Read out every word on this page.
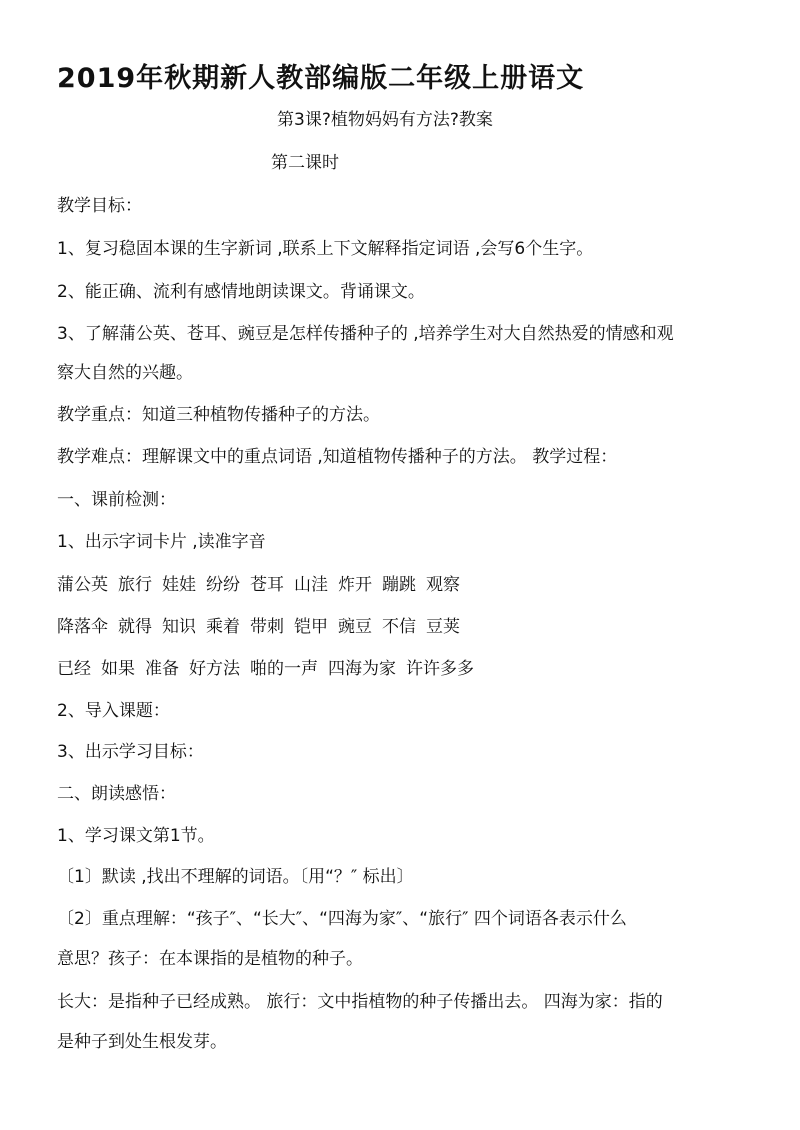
2019年秋期新人教部编版二年级上册语文
第3课?植物妈妈有方法?教案
第二课时
教学目标：
1、复习稳固本课的生字新词 ,联系上下文解释指定词语 ,会写6个生字。
2、能正确、流利有感情地朗读课文。背诵课文。
3、了解蒲公英、苍耳、豌豆是怎样传播种子的 ,培养学生对大自然热爱的情感和观
察大自然的兴趣。
教学重点：知道三种植物传播种子的方法。
教学难点：理解课文中的重点词语 ,知道植物传播种子的方法。 教学过程：
一、课前检测：
1、出示字词卡片 ,读准字音
蒲公英 旅行 娃娃 纷纷 苍耳 山洼 炸开 蹦跳 观察
降落伞 就得 知识 乘着 带刺 铠甲 豌豆 不信 豆荚
已经 如果 准备 好方法 啪的一声 四海为家 许许多多
2、导入课题：
3、出示学习目标：
二、朗读感悟：
1、学习课文第1节。
〔1〕默读 ,找出不理解的词语。〔用“？″ 标出〕
〔2〕重点理解：“孩子″、“长大″、“四海为家″、“旅行″ 四个词语各表示什么
意思？孩子：在本课指的是植物的种子。
长大：是指种子已经成熟。 旅行：文中指植物的种子传播出去。 四海为家：指的
是种子到处生根发芽。
